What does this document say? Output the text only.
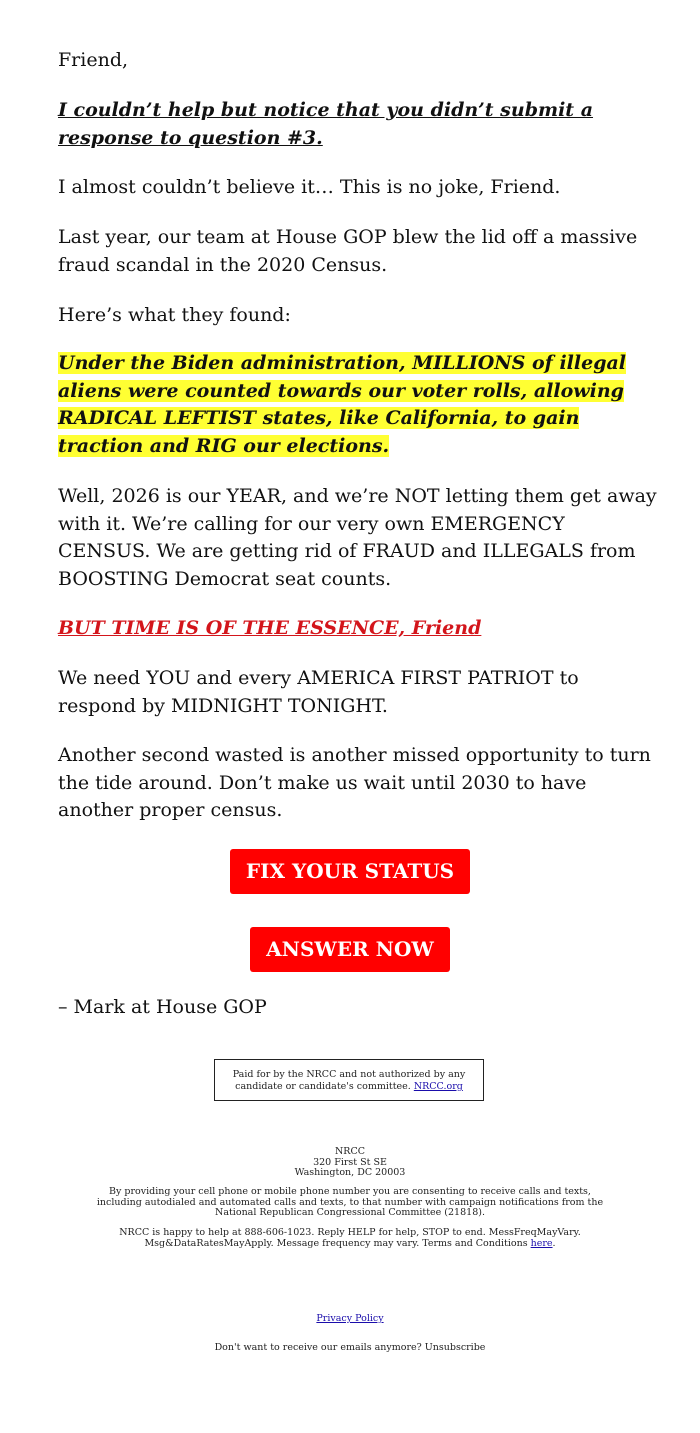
Friend,

I couldn’t help but notice that you didn’t submit a response to question #3.

I almost couldn’t believe it… This is no joke, Friend.

Last year, our team at House GOP blew the lid off a massive fraud scandal in the 2020 Census.

Here’s what they found:

Under the Biden administration, MILLIONS of illegal aliens were counted towards our voter rolls, allowing RADICAL LEFTIST states, like California, to gain traction and RIG our elections.

Well, 2026 is our YEAR, and we’re NOT letting them get away with it. We’re calling for our very own EMERGENCY CENSUS. We are getting rid of FRAUD and ILLEGALS from BOOSTING Democrat seat counts.

BUT TIME IS OF THE ESSENCE, Friend

We need YOU and every AMERICA FIRST PATRIOT to respond by MIDNIGHT TONIGHT.

Another second wasted is another missed opportunity to turn the tide around. Don’t make us wait until 2030 to have another proper census.

FIX YOUR STATUS
ANSWER NOW

– Mark at House GOP

Paid for by the NRCC and not authorized by any candidate or candidate's committee. NRCC.org

NRCC
320 First St SE
Washington, DC 20003

By providing your cell phone or mobile phone number you are consenting to receive calls and texts, including autodialed and automated calls and texts, to that number with campaign notifications from the National Republican Congressional Committee (21818).

NRCC is happy to help at 888-606-1023. Reply HELP for help, STOP to end. MessFreqMayVary. Msg&DataRatesMayApply. Message frequency may vary. Terms and Conditions here.

Privacy Policy

Don't want to receive our emails anymore? Unsubscribe
